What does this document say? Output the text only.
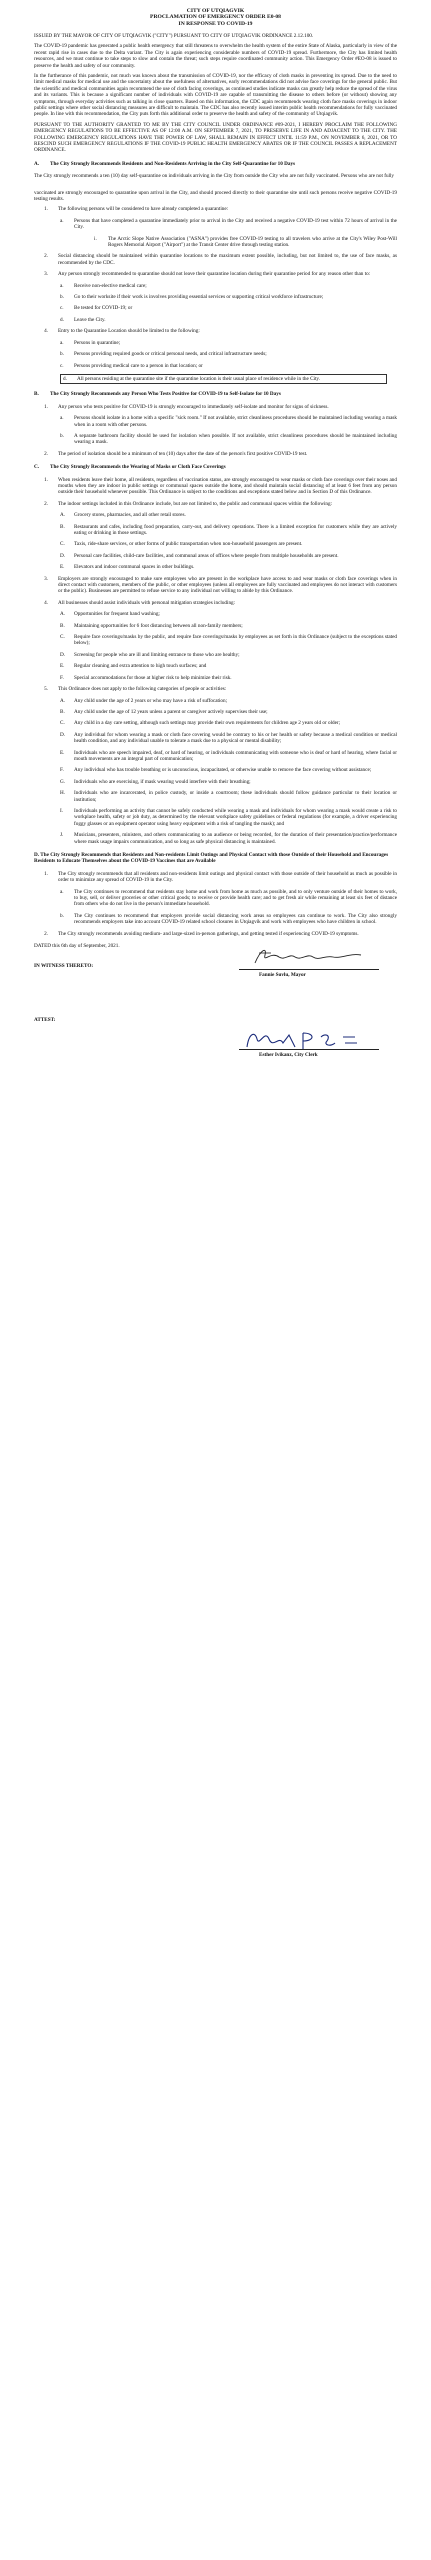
CITY OF UTQIAGVIK
PROCLAMATION OF EMERGENCY ORDER E0-08
IN RESPONSE TO COVID-19

ISSUED BY THE MAYOR OF CITY OF UTQIAGVIK ("CITY") PURSUANT TO CITY OF UTQIAGVIK ORDINANCE 2.12.100.

The COVID-19 pandemic has generated a public health emergency that still threatens to overwhelm the health system of the entire State of Alaska, particularly in view of the recent rapid rise in cases due to the Delta variant. The City is again experiencing considerable numbers of COVID-19 spread. Furthermore, the City has limited health resources, and we must continue to take steps to slow and contain the threat; such steps require coordinated community action. This Emergency Order #EO-08 is issued to preserve the health and safety of our community.

In the furtherance of this pandemic, not much was known about the transmission of COVID-19, nor the efficacy of cloth masks in preventing its spread. Due to the need to limit medical masks for medical use and the uncertainty about the usefulness of alternatives, early recommendations did not advise face coverings for the general public. But the scientific and medical communities again recommend the use of cloth facing coverings, as continued studies indicate masks can greatly help reduce the spread of the virus and its variants. This is because a significant number of individuals with COVID-19 are capable of transmitting the disease to others before (or without) showing any symptoms, through everyday activities such as talking in close quarters. Based on this information, the CDC again recommends wearing cloth face masks coverings in indoor public settings where other social distancing measures are difficult to maintain. The CDC has also recently issued interim public health recommendations for fully vaccinated people. In line with this recommendation, the City puts forth this additional order to preserve the health and safety of the community of Utqiagvik.

PURSUANT TO THE AUTHORITY GRANTED TO ME BY THE CITY COUNCIL UNDER ORDINANCE #09-2021, I HEREBY PROCLAIM THE FOLLOWING EMERGENCY REGULATIONS TO BE EFFECTIVE AS OF 12:00 A.M. ON SEPTEMBER 7, 2021, TO PRESERVE LIFE IN AND ADJACENT TO THE CITY. THE FOLLOWING EMERGENCY REGULATIONS HAVE THE POWER OF LAW, SHALL REMAIN IN EFFECT UNTIL 11:59 P.M., ON NOVEMBER 6, 2021, OR TO RESCIND SUCH EMERGENCY REGULATIONS IF THE COVID-19 PUBLIC HEALTH EMERGENCY ABATES OR IF THE COUNCIL PASSES A REPLACEMENT ORDINANCE.

A.	The City Strongly Recommends Residents and Non-Residents Arriving in the City Self-Quarantine for 10 Days

The City strongly recommends a ten (10) day self-quarantine on individuals arriving in the City from outside the City who are not fully vaccinated. Persons who are not fully

vaccinated are strongly encouraged to quarantine upon arrival in the City, and should proceed directly to their quarantine site until such persons receive negative COVID-19 testing results.

1.	The following persons will be considered to have already completed a quarantine:
a.	Persons that have completed a quarantine immediately prior to arrival in the City and received a negative COVID-19 test within 72 hours of arrival in the City.
i.	The Arctic Slope Native Association ("ASNA") provides free COVID-19 testing to all travelers who arrive at the City's Wiley Post-Will Rogers Memorial Airport ("Airport") at the Transit Center drive through testing station.
2.	Social distancing should be maintained within quarantine locations to the maximum extent possible, including, but not limited to, the use of face masks, as recommended by the CDC.
3.	Any person strongly recommended to quarantine should not leave their quarantine location during their quarantine period for any reason other than to:
a.	Receive non-elective medical care;
b.	Go to their worksite if their work is involves providing essential services or supporting critical workforce infrastructure;
c.	Be tested for COVID-19; or
d.	Leave the City.
4.	Entry to the Quarantine Location should be limited to the following:
a.	Persons in quarantine;
b.	Persons providing required goods or critical personal needs, and critical infrastructure needs;
c.	Persons providing medical care to a person in that location; or
d.	All persons residing at the quarantine site if the quarantine location is their usual place of residence while in the City.
B.	The City Strongly Recommends any Person Who Tests Positive for COVID-19 to Self-Isolate for 10 Days
1.	Any person who tests positive for COVID-19 is strongly encouraged to immediately self-isolate and monitor for signs of sickness.
a.	Persons should isolate in a home with a specific "sick room." If not available, strict cleanliness procedures should be maintained including wearing a mask when in a room with other persons.
b.	A separate bathroom facility should be used for isolation when possible. If not available, strict cleanliness procedures should be maintained including wearing a mask.
2.	The period of isolation should be a minimum of ten (10) days after the date of the person's first positive COVID-19 test.
C.	The City Strongly Recommends the Wearing of Masks or Cloth Face Coverings
1.	When residents leave their home, all residents, regardless of vaccination status, are strongly encouraged to wear masks or cloth face coverings over their noses and mouths when they are indoor in public settings or communal spaces outside the home, and should maintain social distancing of at least 6 feet from any person outside their household whenever possible. This Ordinance is subject to the conditions and exceptions stated below and in Section D of this Ordinance.
2.	The indoor settings included in this Ordinance include, but are not limited to, the public and communal spaces within the following:
A.	Grocery stores, pharmacies, and all other retail stores.
B.	Restaurants and cafes, including food preparation, carry-out, and delivery operations. There is a limited exception for customers while they are actively eating or drinking in those settings.
C.	Taxis, ride-share services, or other forms of public transportation when non-household passengers are present.
D.	Personal care facilities, child-care facilities, and communal areas of offices where people from multiple households are present.
E.	Elevators and indoor communal spaces in other buildings.
3.	Employers are strongly encouraged to make sure employees who are present in the workplace have access to and wear masks or cloth face coverings when in direct contact with customers, members of the public, or other employees (unless all employees are fully vaccinated and employees do not interact with customers or the public). Businesses are permitted to refuse service to any individual not willing to abide by this Ordinance.
4.	All businesses should assist individuals with personal mitigation strategies including:
A.	Opportunities for frequent hand washing;
B.	Maintaining opportunities for 6 foot distancing between all non-family members;
C.	Require face coverings/masks by the public, and require face coverings/masks by employees as set forth in this Ordinance (subject to the exceptions stated below);
D.	Screening for people who are ill and limiting entrance to those who are healthy;
E.	Regular cleaning and extra attention to high touch surfaces; and
F.	Special accommodations for those at higher risk to help minimize their risk.
5.	This Ordinance does not apply to the following categories of people or activities:
A.	Any child under the age of 2 years or who may have a risk of suffocation;
B.	Any child under the age of 12 years unless a parent or caregiver actively supervises their use;
C.	Any child in a day care setting, although such settings may provide their own requirements for children age 2 years old or older;
D.	Any individual for whom wearing a mask or cloth face covering would be contrary to his or her health or safety because a medical condition or medical health condition, and any individual unable to tolerate a mask due to a physical or mental disability;
E.	Individuals who are speech impaired, deaf, or hard of hearing, or individuals communicating with someone who is deaf or hard of hearing, where facial or mouth movements are an integral part of communication;
F.	Any individual who has trouble breathing or is unconscious, incapacitated, or otherwise unable to remove the face covering without assistance;
G.	Individuals who are exercising, if mask wearing would interfere with their breathing;
H.	Individuals who are incarcerated, in police custody, or inside a courtroom; these individuals should follow guidance particular to their location or institution;
I.	Individuals performing an activity that cannot be safely conducted while wearing a mask and individuals for whom wearing a mask would create a risk to workplace health, safety or job duty, as determined by the relevant workplace safety guidelines or federal regulations (for example, a driver experiencing foggy glasses or an equipment operator using heavy equipment with a risk of tangling the mask); and
J.	Musicians, presenters, ministers, and others communicating to an audience or being recorded, for the duration of their presentation/practice/performance where mask usage impairs communication, and so long as safe physical distancing is maintained.
D. The City Strongly Recommends that Residents and Non-residents Limit Outings and Physical Contact with those Outside of their Household and Encourages Residents to Educate Themselves about the COVID-19 Vaccines that are Available
1.	The City strongly recommends that all residents and non-residents limit outings and physical contact with those outside of their household as much as possible in order to minimize any spread of COVID-19 in the City.
a.	The City continues to recommend that residents stay home and work from home as much as possible, and to only venture outside of their homes to work, to buy, sell, or deliver groceries or other critical goods; to receive or provide health care; and to get fresh air while remaining at least six feet of distance from others who do not live in the person's immediate household.
b.	The City continues to recommend that employers provide social distancing work areas so employees can continue to work. The City also strongly recommends employers take into account COVID-19 related school closures in Utqiagvik and work with employees who have children in school.
2.	The City strongly recommends avoiding medium- and large-sized in-person gatherings, and getting tested if experiencing COVID-19 symptoms.

DATED this 6th day of September, 2021.

IN WITNESS THERETO:
Fannie Suvlu, Mayor
ATTEST:
Esther Ivikanz, City Clerk
